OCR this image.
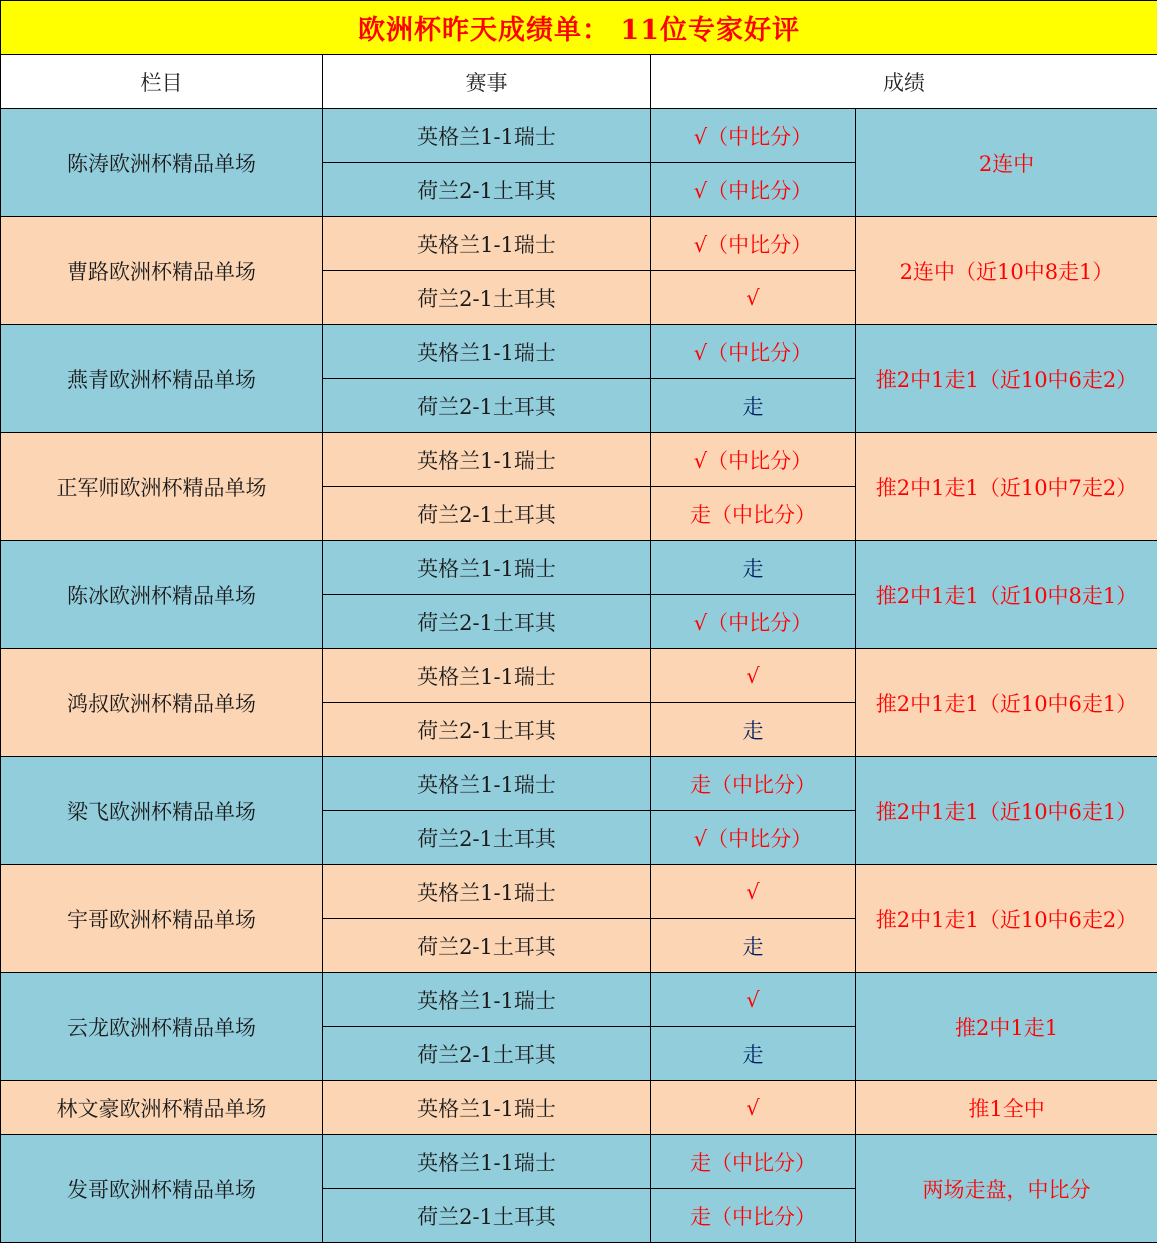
欧洲杯昨天成绩单： 11位专家好评			
栏目	赛事	成绩	
陈涛欧洲杯精品单场	英格兰1-1瑞士	√（中比分）	2连中
	荷兰2-1土耳其	√（中比分）	
曹路欧洲杯精品单场	英格兰1-1瑞士	√（中比分）	2连中（近10中8走1）
	荷兰2-1土耳其	√	
燕青欧洲杯精品单场	英格兰1-1瑞士	√（中比分）	推2中1走1（近10中6走2）
	荷兰2-1土耳其	走	
正军师欧洲杯精品单场	英格兰1-1瑞士	√（中比分）	推2中1走1（近10中7走2）
	荷兰2-1土耳其	走（中比分）	
陈冰欧洲杯精品单场	英格兰1-1瑞士	走	推2中1走1（近10中8走1）
	荷兰2-1土耳其	√（中比分）	
鸿叔欧洲杯精品单场	英格兰1-1瑞士	√	推2中1走1（近10中6走1）
	荷兰2-1土耳其	走	
梁飞欧洲杯精品单场	英格兰1-1瑞士	走（中比分）	推2中1走1（近10中6走1）
	荷兰2-1土耳其	√（中比分）	
宇哥欧洲杯精品单场	英格兰1-1瑞士	√	推2中1走1（近10中6走2）
	荷兰2-1土耳其	走	
云龙欧洲杯精品单场	英格兰1-1瑞士	√	推2中1走1
	荷兰2-1土耳其	走	
林文豪欧洲杯精品单场	英格兰1-1瑞士	√	推1全中
发哥欧洲杯精品单场	英格兰1-1瑞士	走（中比分）	两场走盘，中比分
	荷兰2-1土耳其	走（中比分）	
